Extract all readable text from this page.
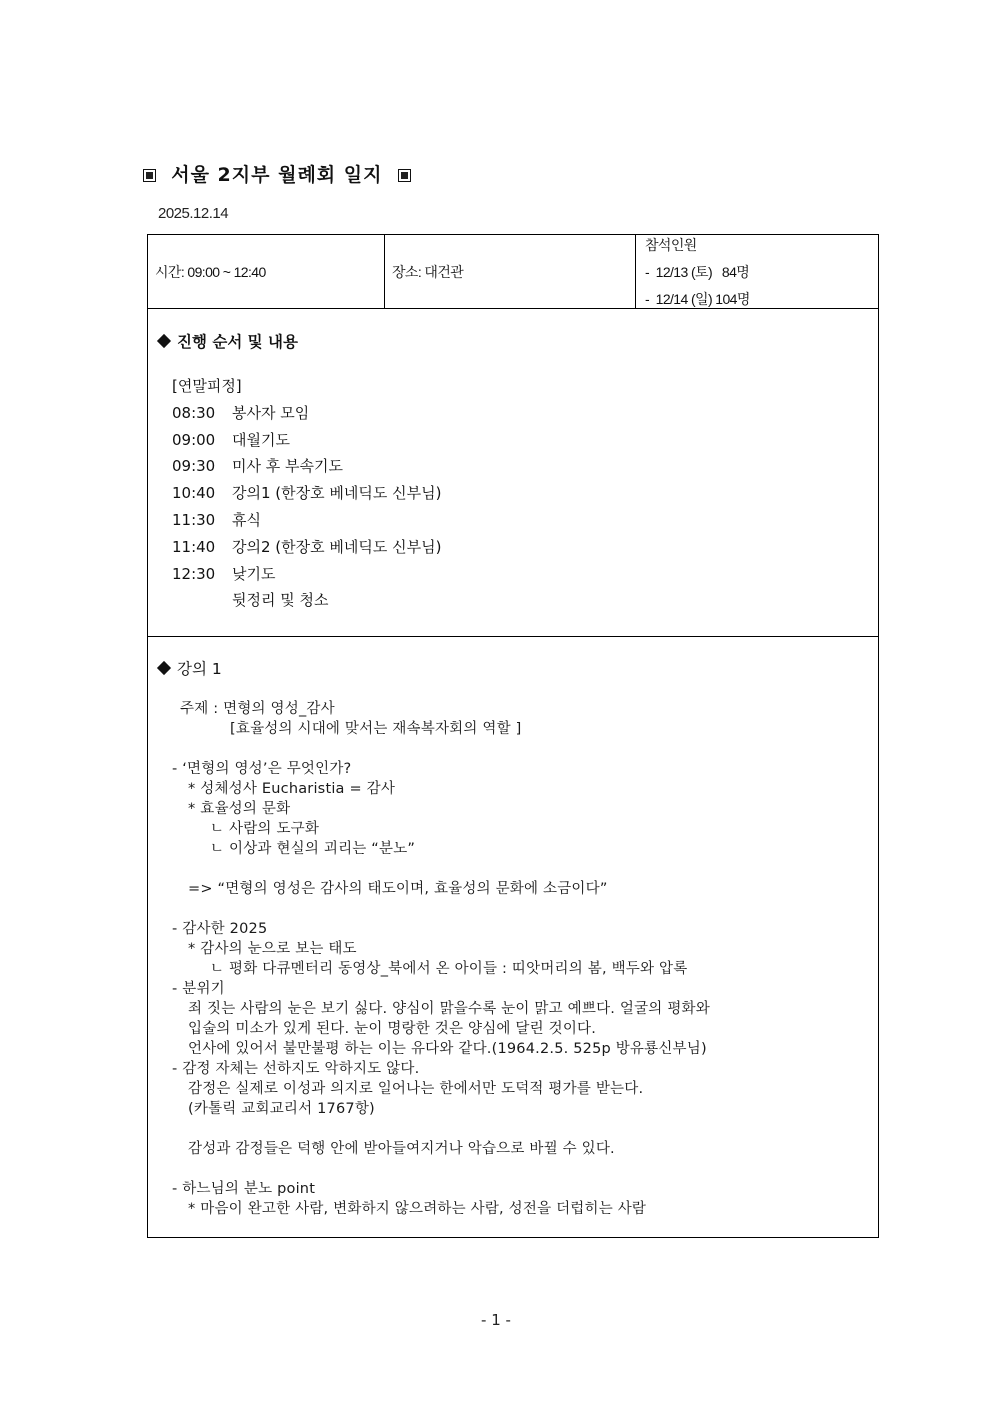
서울 2지부 월례회 일지
2025.12.14
시간: 09:00 ~ 12:40	장소: 대건관
참석인원
-  12/13 (토)   84명
-  12/14 (일) 104명
진행 순서 및 내용
[연말피정]
08:30 봉사자 모임
09:00 대월기도
09:30 미사 후 부속기도
10:40 강의1 (한장호 베네딕도 신부님)
11:30 휴식
11:40 강의2 (한장호 베네딕도 신부님)
12:30 낮기도
뒷정리 및 청소
강의 1
주제 : 면형의 영성_감사
[효율성의 시대에 맞서는 재속복자회의 역할 ]
- ‘면형의 영성’은 무엇인가?
* 성체성사 Eucharistia = 감사
* 효율성의 문화
ㄴ 사람의 도구화
ㄴ 이상과 현실의 괴리는 “분노”
=> “면형의 영성은 감사의 태도이며, 효율성의 문화에 소금이다”
- 감사한 2025
* 감사의 눈으로 보는 태도
ㄴ 평화 다큐멘터리 동영상_북에서 온 아이들 : 띠앗머리의 봄, 백두와 압록
- 분위기
죄 짓는 사람의 눈은 보기 싫다. 양심이 맑을수록 눈이 맑고 예쁘다. 얼굴의 평화와
입술의 미소가 있게 된다. 눈이 명랑한 것은 양심에 달린 것이다.
언사에 있어서 불만불평 하는 이는 유다와 같다.(1964.2.5. 525p 방유룡신부님)
- 감정 자체는 선하지도 악하지도 않다.
감정은 실제로 이성과 의지로 일어나는 한에서만 도덕적 평가를 받는다.
(카톨릭 교회교리서 1767항)
감성과 감정들은 덕행 안에 받아들여지거나 악습으로 바뀔 수 있다.
- 하느님의 분노 point
* 마음이 완고한 사람, 변화하지 않으려하는 사람, 성전을 더럽히는 사람
- 1 -
